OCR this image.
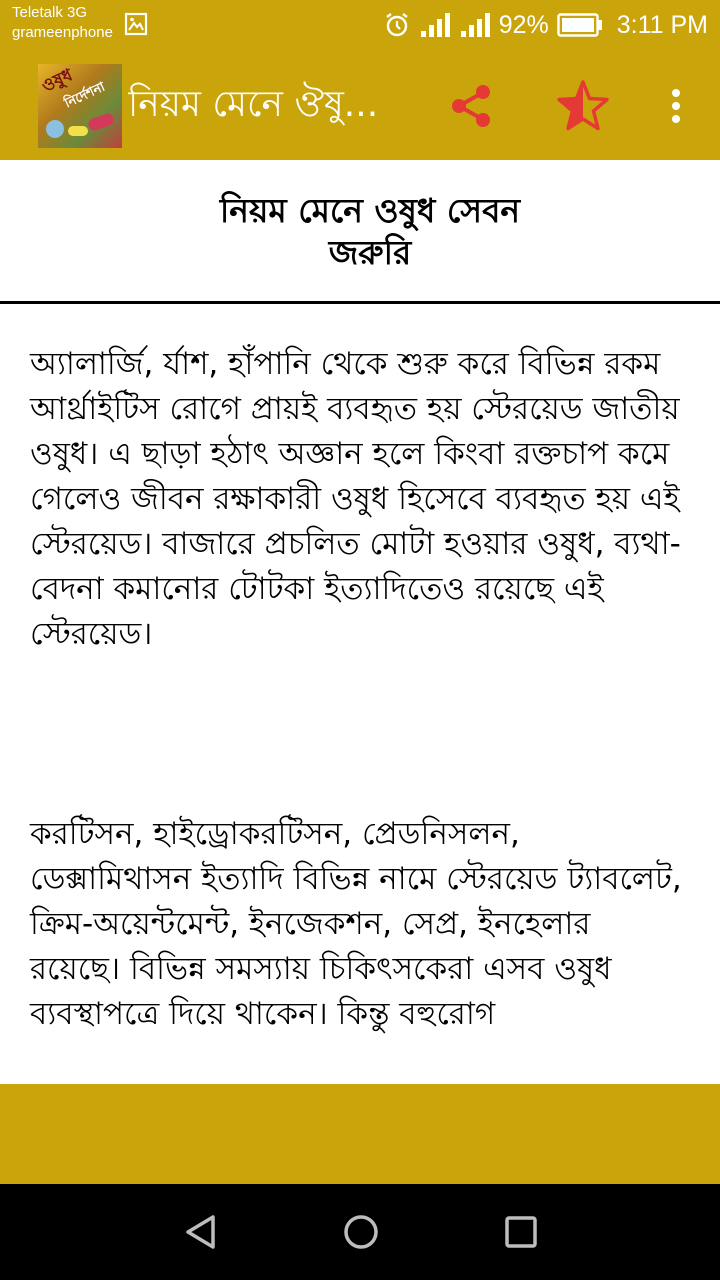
Teletalk 3G
grameenphone	92%	3:11 PM
ওষুধ
নির্দেশনা নিয়ম মেনে ঔষু...
নিয়ম মেনে ওষুধ সেবন
জরুরি

অ্যালার্জি, র্যাশ, হাঁপানি থেকে শুরু করে বিভিন্ন রকম আর্থ্রাইটিস রোগে প্রায়ই ব্যবহৃত হয় স্টেরয়েড জাতীয় ওষুধ। এ ছাড়া হঠাৎ অজ্ঞান হলে কিংবা রক্তচাপ কমে গেলেও জীবন রক্ষাকারী ওষুধ হিসেবে ব্যবহৃত হয় এই স্টেরয়েড। বাজারে প্রচলিত মোটা হওয়ার ওষুধ, ব্যথা-বেদনা কমানোর টোটকা ইত্যাদিতেও রয়েছে এই স্টেরয়েড।

করটিসন, হাইড্রোকরটিসন, প্রেডনিসলন, ডেক্সামিথাসন ইত্যাদি বিভিন্ন নামে স্টেরয়েড ট্যাবলেট, ক্রিম-অয়েন্টমেন্ট, ইনজেকশন, সেপ্র, ইনহেলার রয়েছে। বিভিন্ন সমস্যায় চিকিৎসকেরা এসব ওষুধ ব্যবস্থাপত্রে দিয়ে থাকেন। কিন্তু বহুরোগ
